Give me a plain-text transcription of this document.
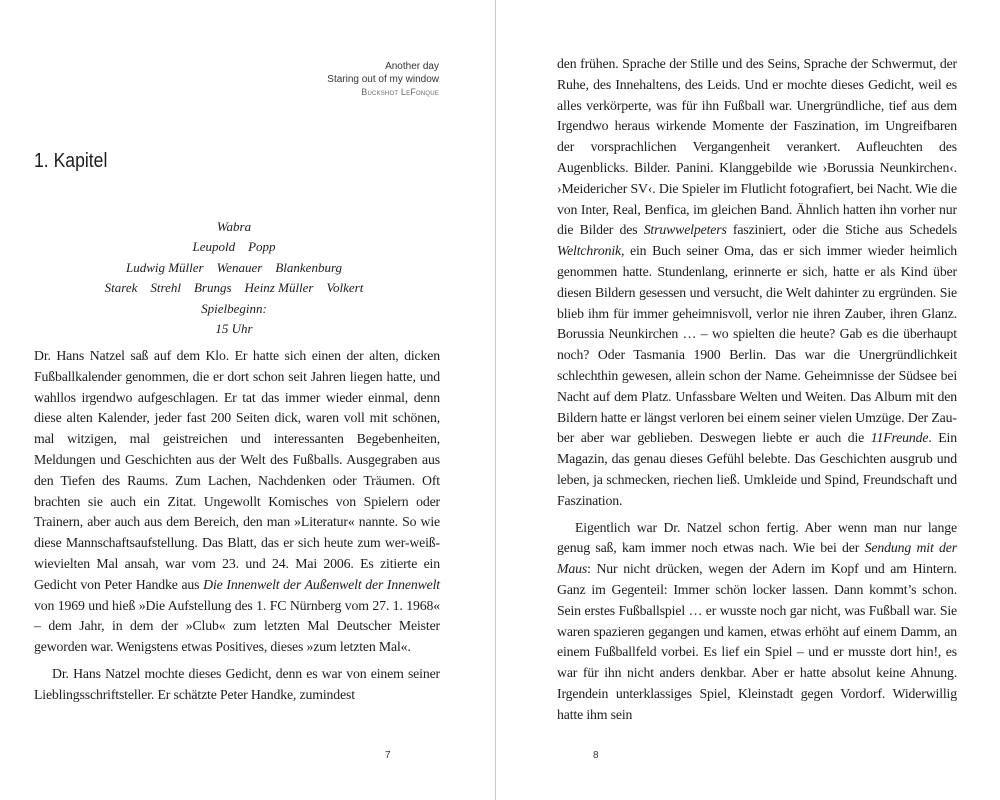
Another day
Staring out of my window
Buckshot LeFonque
1. Kapitel
Wabra
Leupold    Popp
Ludwig Müller    Wenauer    Blankenburg
Starek    Strehl    Brungs    Heinz Müller    Volkert
Spielbeginn:
15 Uhr

Dr. Hans Natzel saß auf dem Klo. Er hatte sich einen der alten, dicken Fußballkalender genommen, die er dort schon seit Jahren liegen hatte, und wahllos irgendwo aufgeschlagen. Er tat das immer wieder einmal, denn diese alten Kalender, jeder fast 200 Seiten dick, waren voll mit schönen, mal witzigen, mal geistreichen und interessanten Begebenheiten, Meldungen und Geschichten aus der Welt des Fußballs. Ausgegraben aus den Tiefen des Raums. Zum Lachen, Nachdenken oder Träumen. Oft brachten sie auch ein Zitat. Ungewollt Komisches von Spielern oder Trainern, aber auch aus dem Bereich, den man »Literatur« nannte. So wie diese Mannschaftsaufstellung. Das Blatt, das er sich heute zum wer-weiß-wievielten Mal ansah, war vom 23. und 24. Mai 2006. Es zitierte ein Gedicht von Peter Handke aus Die Innenwelt der Außenwelt der Innenwelt von 1969 und hieß »Die Aufstellung des 1. FC Nürnberg vom 27. 1. 1968« – dem Jahr, in dem der »Club« zum letzten Mal Deutscher Meister geworden war. Wenigstens etwas Positives, dieses »zum letzten Mal«.

Dr. Hans Natzel mochte dieses Gedicht, denn es war von einem seiner Lieblingsschriftsteller. Er schätzte Peter Handke, zumindest

7

den frühen. Sprache der Stille und des Seins, Sprache der Schwermut, der Ruhe, des Innehaltens, des Leids. Und er mochte dieses Gedicht, weil es alles verkörperte, was für ihn Fußball war. Unergründliche, tief aus dem Irgendwo heraus wirkende Momente der Faszination, im Ungreifbaren der vorsprachlichen Vergangenheit verankert. Aufleuchten des Augenblicks. Bilder. Panini. Klanggebilde wie ›Borussia Neunkirchen‹. ›Meidericher SV‹. Die Spieler im Flutlicht fotografiert, bei Nacht. Wie die von Inter, Real, Benfica, im gleichen Band. Ähnlich hatten ihn vorher nur die Bilder des Struwwelpeters fasziniert, oder die Stiche aus Schedels Weltchronik, ein Buch seiner Oma, das er sich immer wieder heimlich genommen hatte. Stundenlang, erinnerte er sich, hatte er als Kind über diesen Bildern gesessen und versucht, die Welt dahinter zu ergründen. Sie blieb ihm für immer geheimnisvoll, verlor nie ihren Zauber, ihren Glanz. Borussia Neunkirchen … – wo spielten die heute? Gab es die überhaupt noch? Oder Tasmania 1900 Berlin. Das war die Unergründlichkeit schlechthin gewesen, allein schon der Name. Geheimnisse der Südsee bei Nacht auf dem Platz. Unfassbare Welten und Weiten. Das Album mit den Bildern hatte er längst verloren bei einem seiner vielen Umzüge. Der Zauber aber war geblieben. Deswegen liebte er auch die 11Freunde. Ein Magazin, das genau dieses Gefühl belebte. Das Geschichten ausgrub und leben, ja schmecken, riechen ließ. Umkleide und Spind, Freundschaft und Faszination.

Eigentlich war Dr. Natzel schon fertig. Aber wenn man nur lange genug saß, kam immer noch etwas nach. Wie bei der Sendung mit der Maus: Nur nicht drücken, wegen der Adern im Kopf und am Hintern. Ganz im Gegenteil: Immer schön locker lassen. Dann kommt’s schon. Sein erstes Fußballspiel … er wusste noch gar nicht, was Fußball war. Sie waren spazieren gegangen und kamen, etwas erhöht auf einem Damm, an einem Fußballfeld vorbei. Es lief ein Spiel – und er musste dort hin!, es war für ihn nicht anders denkbar. Aber er hatte absolut keine Ahnung. Irgendein unterklassiges Spiel, Kleinstadt gegen Vordorf. Widerwillig hatte ihm sein

8
